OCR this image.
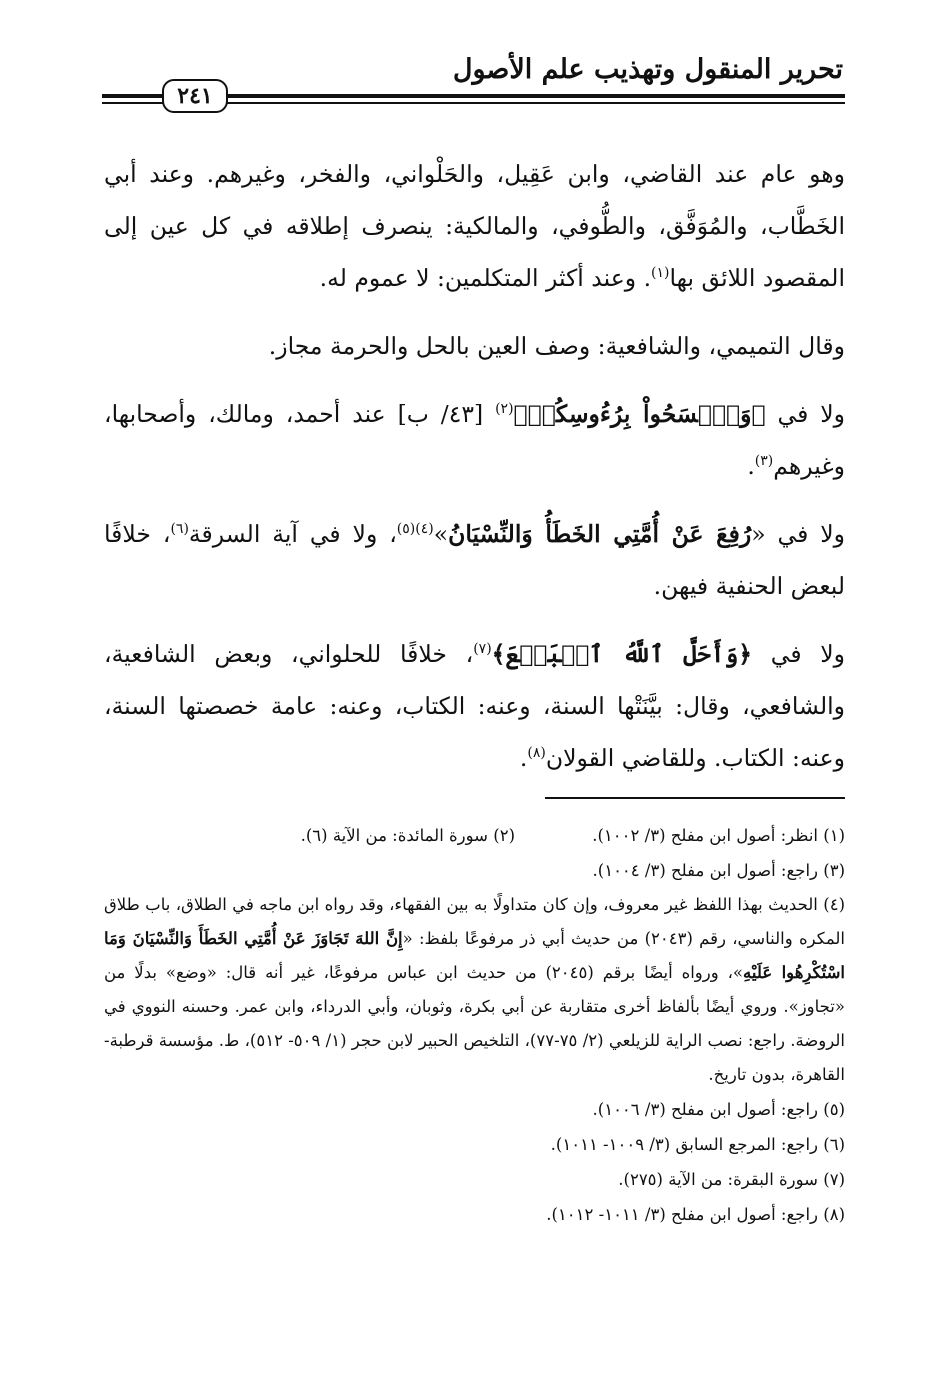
تحرير المنقول وتهذيب علم الأصول
٢٤١

وهو عام عند القاضي، وابن عَقِيل، والحَلْواني، والفخر، وغيرهم. وعند أبي الخَطَّاب، والمُوَفَّق، والطُّوفي، والمالكية: ينصرف إطلاقه في كل عين إلى المقصود اللائق بها$^{(١)}$. وعند أكثر المتكلمين: لا عموم له.

وقال التميمي، والشافعية: وصف العين بالحل والحرمة مجاز.

ولا في ﴿وَٱمۡسَحُواْ بِرُءُوسِكُمۡ﴾$^{(٢)}$ [٤٣/ ب] عند أحمد، ومالك، وأصحابها، وغيرهم$^{(٣)}$.

ولا في «رُفِعَ عَنْ أُمَّتِي الخَطَأُ وَالنِّسْيَانُ»$^{(٤)(٥)}$، ولا في آية السرقة$^{(٦)}$، خلافًا لبعض الحنفية فيهن.

ولا في ﴿وَأَحَلَّ ٱللَّهُ ٱلۡبَيۡعَ﴾$^{(٧)}$، خلافًا للحلواني، وبعض الشافعية، والشافعي، وقال: بيَّنَتْها السنة، وعنه: الكتاب، وعنه: عامة خصصتها السنة، وعنه: الكتاب. وللقاضي القولان$^{(٨)}$.

(١) انظر: أصول ابن مفلح (٣/ ١٠٠٢).

(٢) سورة المائدة: من الآية (٦).

(٣) راجع: أصول ابن مفلح (٣/ ١٠٠٤).

(٤) الحديث بهذا اللفظ غير معروف، وإن كان متداولًا به بين الفقهاء، وقد رواه ابن ماجه في الطلاق، باب طلاق المكره والناسي، رقم (٢٠٤٣) من حديث أبي ذر مرفوعًا بلفظ: «إِنَّ اللهَ تَجَاوَزَ عَنْ أُمَّتِي الخَطَأَ وَالنِّسْيَانَ وَمَا اسْتُكْرِهُوا عَلَيْهِ»، ورواه أيضًا برقم (٢٠٤٥) من حديث ابن عباس مرفوعًا، غير أنه قال: «وضع» بدلًا من «تجاوز». وروي أيضًا بألفاظ أخرى متقاربة عن أبي بكرة، وثوبان، وأبي الدرداء، وابن عمر. وحسنه النووي في الروضة. راجع: نصب الراية للزيلعي (٢/ ٧٥-٧٧)، التلخيص الحبير لابن حجر (١/ ٥٠٩- ٥١٢)، ط. مؤسسة قرطبة- القاهرة، بدون تاريخ.

(٥) راجع: أصول ابن مفلح (٣/ ١٠٠٦).

(٦) راجع: المرجع السابق (٣/ ١٠٠٩- ١٠١١).

(٧) سورة البقرة: من الآية (٢٧٥).

(٨) راجع: أصول ابن مفلح (٣/ ١٠١١- ١٠١٢).
